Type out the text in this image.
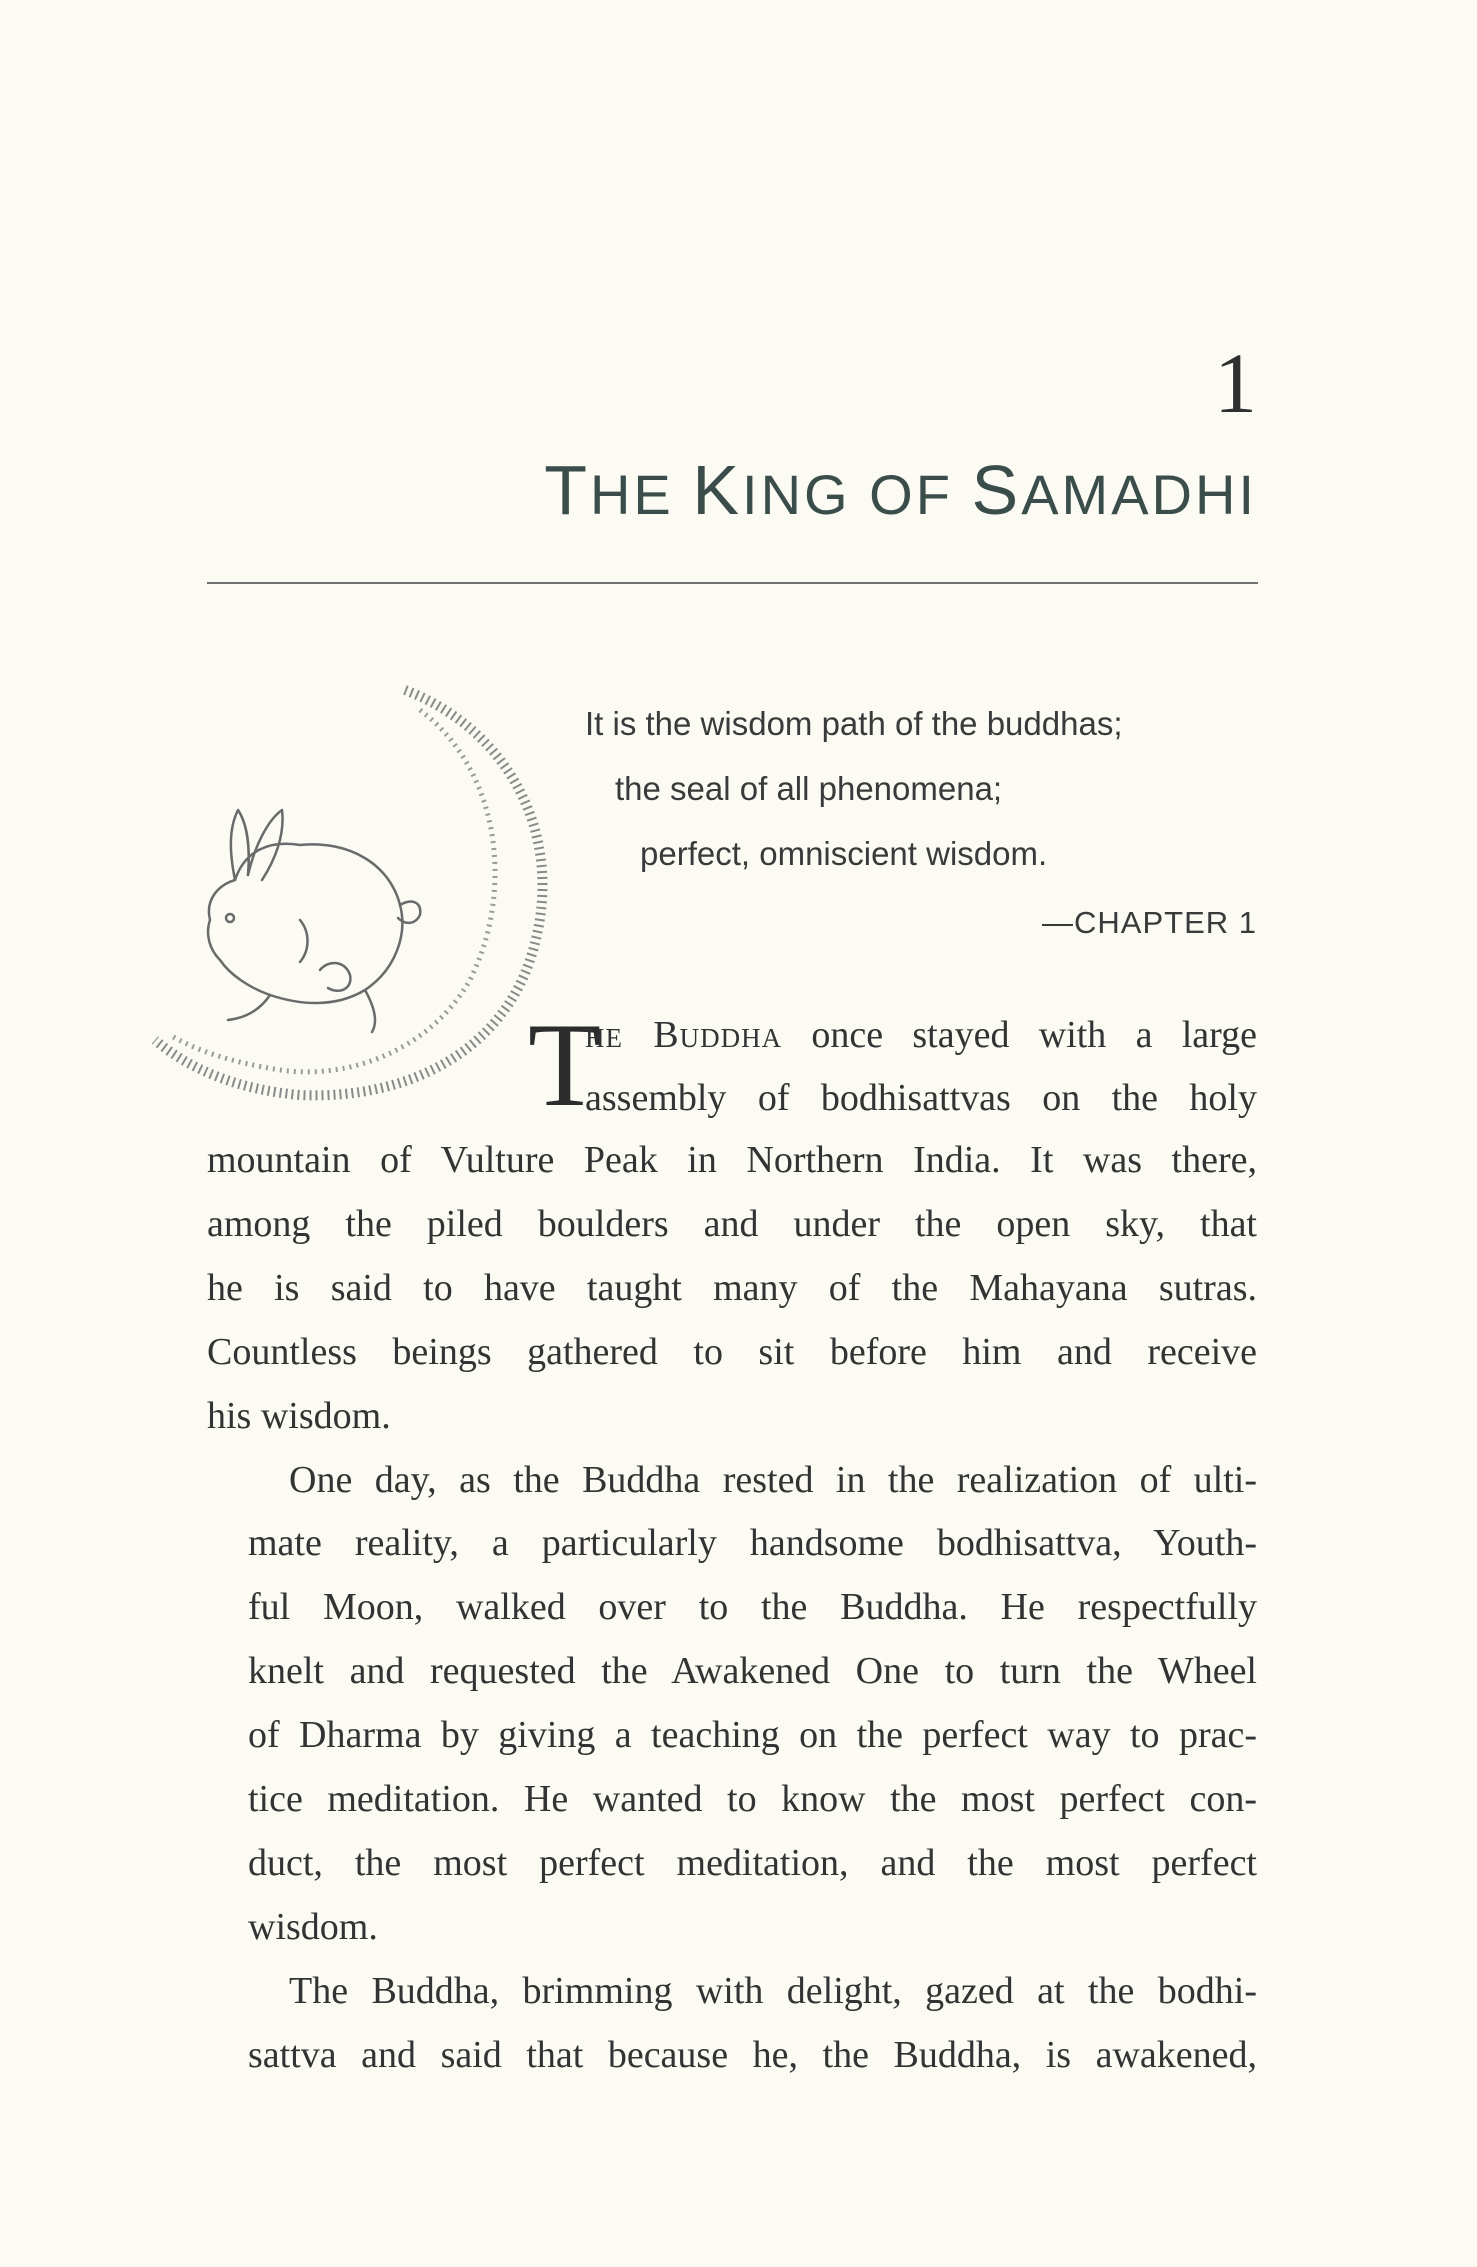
1
THE KING OF SAMADHI
It is the wisdom path of the buddhas;
the seal of all phenomena;
perfect, omniscient wisdom.
—CHAPTER 1
T
he Buddha once stayed with a large
assembly of bodhisattvas on the holy

mountain of Vulture Peak in Northern India. It was there,
among the piled boulders and under the open sky, that
he is said to have taught many of the Mahayana sutras.
Countless beings gathered to sit before him and receive
his wisdom.

One day, as the Buddha rested in the realization of ulti-
mate reality, a particularly handsome bodhisattva, Youth-
ful Moon, walked over to the Buddha. He respectfully
knelt and requested the Awakened One to turn the Wheel
of Dharma by giving a teaching on the perfect way to prac-
tice meditation. He wanted to know the most perfect con-
duct, the most perfect meditation, and the most perfect
wisdom.

The Buddha, brimming with delight, gazed at the bodhi-
sattva and said that because he, the Buddha, is awakened,
